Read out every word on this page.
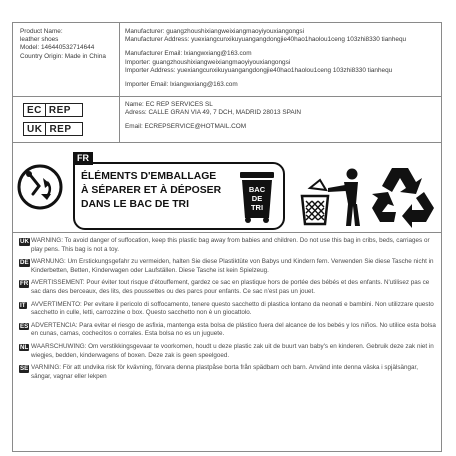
Product Name:
leather shoes
Model: 146440532714644
Country Origin: Made in China
Manufacturer: guangzhoushixiangweixiangmaoyiyouxiangongsi
Manufacturer Address: yuexiangcunxikuyuangangdongjie40hao1haolou1ceng 103zhi8330 tianhequ
Manufacturer Email: lxiangwxiang@163.com
Importer: guangzhoushixiangweixiangmaoyiyouxiangongsi
Importer Address: yuexiangcunxikuyuangangdongjie40hao1haolou1ceng 103zhi8330 tianhequ
Importer Email: lxiangwxiang@163.com
EC REP
UK REP
Name: EC REP SERVICES SL
Adress: CALLE GRAN VIA 49, 7 DCH, MADRID 28013 SPAIN
Email: ECREPSERVICE@HOTMAIL.COM
FR
ÉLÉMENTS D'EMBALLAGE
À SÉPARER ET À DÉPOSER
DANS LE BAC DE TRI
BAC
DE
TRI
UK WARNING: To avoid danger of suffocation, keep this plastic bag away from babies and children. Do not use this bag in cribs, beds, carriages or play pens. This bag is not a toy.
DE WARNUNG: Um Erstickungsgefahr zu vermeiden, halten Sie diese Plastiktüte von Babys und Kindern fern. Verwenden Sie diese Tasche nicht in Kinderbetten, Betten, Kinderwagen oder Laufställen. Diese Tasche ist kein Spielzeug.
FR AVERTISSEMENT: Pour éviter tout risque d'étouffement, gardez ce sac en plastique hors de portée des bébés et des enfants. N'utilisez pas ce sac dans des berceaux, des lits, des poussettes ou des parcs pour enfants. Ce sac n'est pas un jouet.
IT AVVERTIMENTO: Per evitare il pericolo di soffocamento, tenere questo sacchetto di plastica lontano da neonati e bambini. Non utilizzare questo sacchetto in culle, letti, carrozzine o box. Questo sacchetto non è un giocattolo.
ES ADVERTENCIA: Para evitar el riesgo de asfixia, mantenga esta bolsa de plástico fuera del alcance de los bebés y los niños. No utilice esta bolsa en cunas, camas, cochecitos o corrales. Esta bolsa no es un juguete.
NL WAARSCHUWING: Om verstikkingsgevaar te voorkomen, houdt u deze plastic zak uit de buurt van baby's en kinderen. Gebruik deze zak niet in wiegjes, bedden, kinderwagens of boxen. Deze zak is geen speelgoed.
SE VARNING: För att undvika risk för kvävning, förvara denna plastpåse borta från spädbarn och barn. Använd inte denna väska i spjälsängar, sängar, vagnar eller lekpen
